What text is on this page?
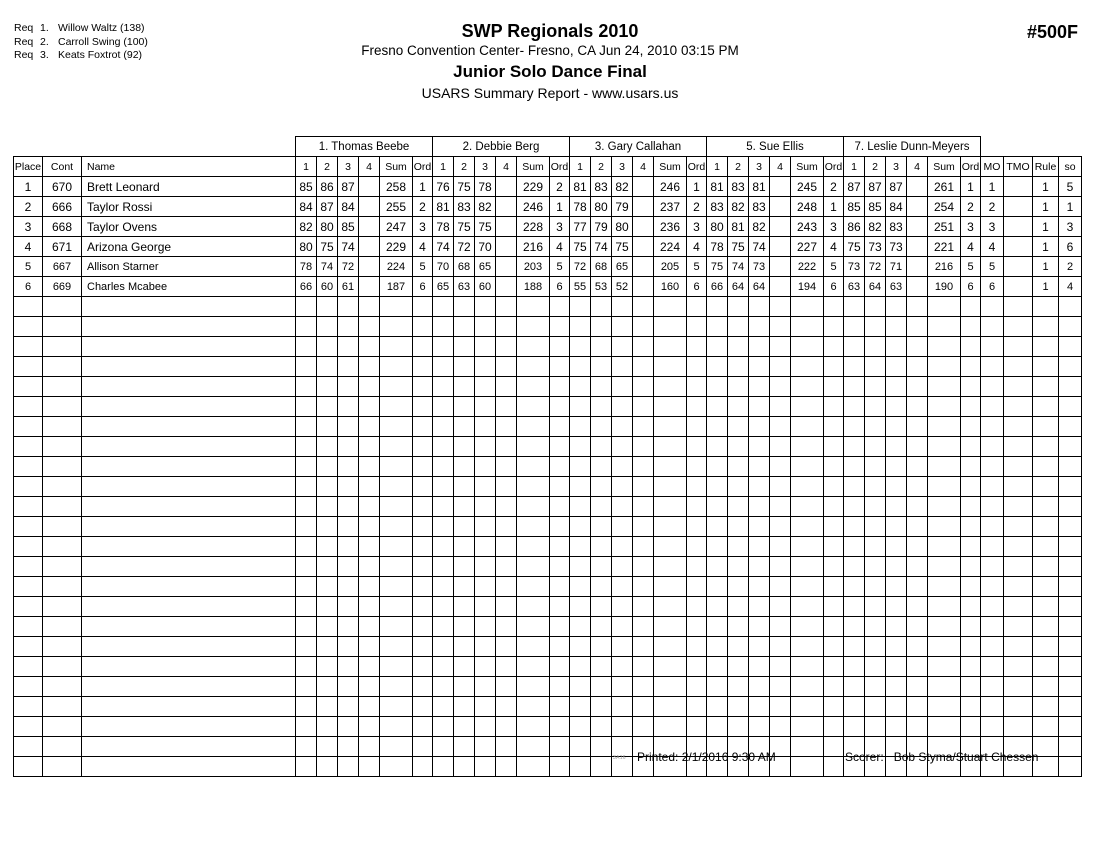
Req 1. Willow Waltz (138)
Req 2. Carroll Swing (100)
Req 3. Keats Foxtrot (92)
SWP Regionals 2010
Fresno Convention Center- Fresno, CA Jun 24, 2010 03:15 PM
Junior Solo Dance Final
USARS Summary Report - www.usars.us
#500F
			1. Thomas Beebe						2. Debbie Berg						3. Gary Callahan						5. Sue Ellis						7. Leslie Dunn-Meyers									
Place	Cont	Name	1	2	3	4	Sum	Ord	1	2	3	4	Sum	Ord	1	2	3	4	Sum	Ord	1	2	3	4	Sum	Ord	1	2	3	4	Sum	Ord	MO	TMO	Rule	so
1	670	Brett Leonard	85	86	87		258	1	76	75	78		229	2	81	83	82		246	1	81	83	81		245	2	87	87	87		261	1	1		1	5
2	666	Taylor Rossi	84	87	84		255	2	81	83	82		246	1	78	80	79		237	2	83	82	83		248	1	85	85	84		254	2	2		1	1
3	668	Taylor Ovens	82	80	85		247	3	78	75	75		228	3	77	79	80		236	3	80	81	82		243	3	86	82	83		251	3	3		1	3
4	671	Arizona George	80	75	74		229	4	74	72	70		216	4	75	74	75		224	4	78	75	74		227	4	75	73	73		221	4	4		1	6
5	667	Allison Starner	78	74	72		224	5	70	68	65		203	5	72	68	65		205	5	75	74	73		222	5	73	72	71		216	5	5		1	2
6	669	Charles Mcabee	66	60	61		187	6	65	63	60		188	6	55	53	52		160	6	66	64	64		194	6	63	64	63		190	6	6		1	4

3A16 Printed: 2/1/2016 9:30 AM	Scorer: Bob Styma/Stuart Chessen
